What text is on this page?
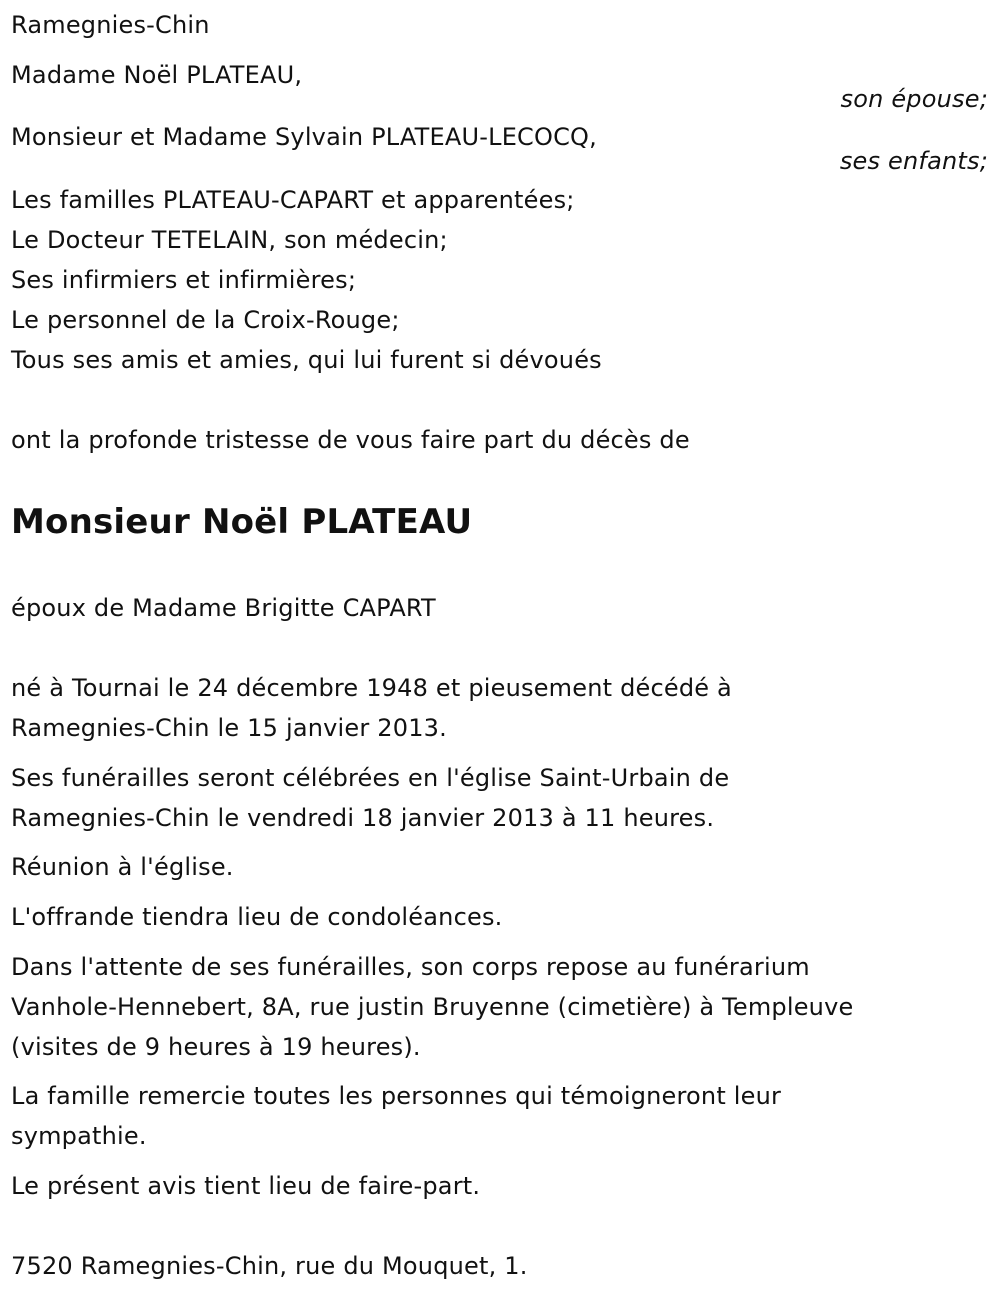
Ramegnies-Chin
Madame Noël PLATEAU,
son épouse;
Monsieur et Madame Sylvain PLATEAU-LECOCQ,
ses enfants;
Les familles PLATEAU-CAPART et apparentées;
Le Docteur TETELAIN, son médecin;
Ses infirmiers et infirmières;
Le personnel de la Croix-Rouge;
Tous ses amis et amies, qui lui furent si dévoués
ont la profonde tristesse de vous faire part du décès de
Monsieur Noël PLATEAU
époux de Madame Brigitte CAPART
né à Tournai le 24 décembre 1948 et pieusement décédé à
Ramegnies-Chin le 15 janvier 2013.
Ses funérailles seront célébrées en l'église Saint-Urbain de
Ramegnies-Chin le vendredi 18 janvier 2013 à 11 heures.
Réunion à l'église.
L'offrande tiendra lieu de condoléances.
Dans l'attente de ses funérailles, son corps repose au funérarium
Vanhole-Hennebert, 8A, rue justin Bruyenne (cimetière) à Templeuve
(visites de 9 heures à 19 heures).
La famille remercie toutes les personnes qui témoigneront leur
sympathie.
Le présent avis tient lieu de faire-part.
7520 Ramegnies-Chin, rue du Mouquet, 1.
